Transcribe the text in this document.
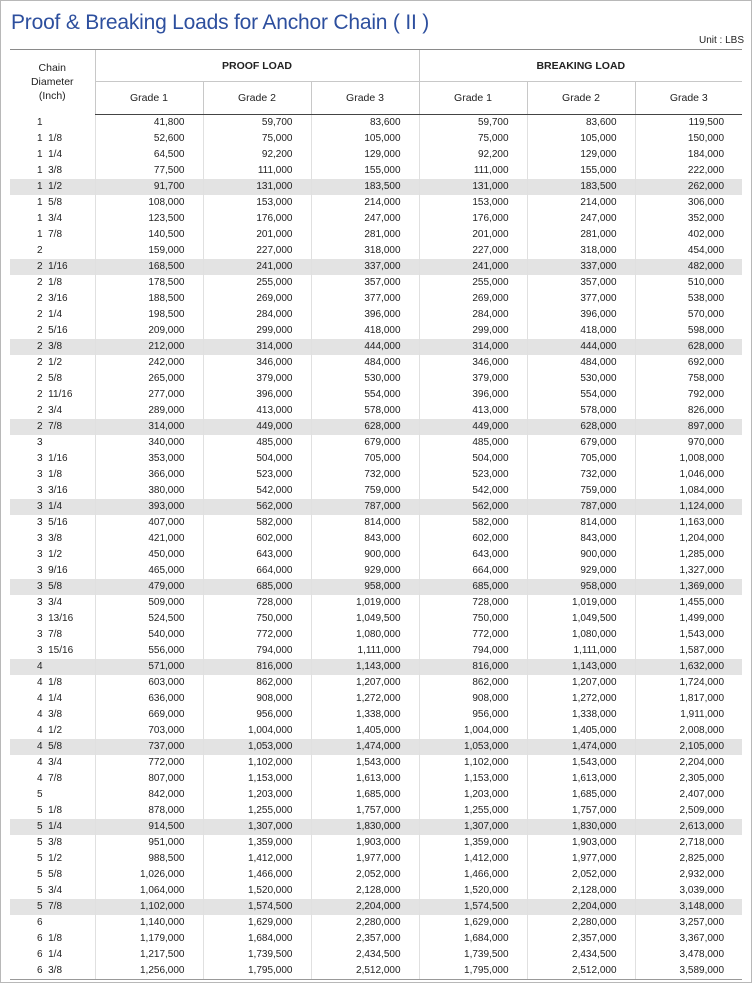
Proof & Breaking Loads for Anchor Chain ( II )
Unit : LBS
Chain
Diameter
(Inch)	PROOF LOAD			BREAKING LOAD		
	Grade 1	Grade 2	Grade 3	Grade 1	Grade 2	Grade 3
1	41,800	59,700	83,600	59,700	83,600	119,500
1  1/8	52,600	75,000	105,000	75,000	105,000	150,000
1  1/4	64,500	92,200	129,000	92,200	129,000	184,000
1  3/8	77,500	111,000	155,000	111,000	155,000	222,000
1  1/2	91,700	131,000	183,500	131,000	183,500	262,000
1  5/8	108,000	153,000	214,000	153,000	214,000	306,000
1  3/4	123,500	176,000	247,000	176,000	247,000	352,000
1  7/8	140,500	201,000	281,000	201,000	281,000	402,000
2	159,000	227,000	318,000	227,000	318,000	454,000
2  1/16	168,500	241,000	337,000	241,000	337,000	482,000
2  1/8	178,500	255,000	357,000	255,000	357,000	510,000
2  3/16	188,500	269,000	377,000	269,000	377,000	538,000
2  1/4	198,500	284,000	396,000	284,000	396,000	570,000
2  5/16	209,000	299,000	418,000	299,000	418,000	598,000
2  3/8	212,000	314,000	444,000	314,000	444,000	628,000
2  1/2	242,000	346,000	484,000	346,000	484,000	692,000
2  5/8	265,000	379,000	530,000	379,000	530,000	758,000
2  11/16	277,000	396,000	554,000	396,000	554,000	792,000
2  3/4	289,000	413,000	578,000	413,000	578,000	826,000
2  7/8	314,000	449,000	628,000	449,000	628,000	897,000
3	340,000	485,000	679,000	485,000	679,000	970,000
3  1/16	353,000	504,000	705,000	504,000	705,000	1,008,000
3  1/8	366,000	523,000	732,000	523,000	732,000	1,046,000
3  3/16	380,000	542,000	759,000	542,000	759,000	1,084,000
3  1/4	393,000	562,000	787,000	562,000	787,000	1,124,000
3  5/16	407,000	582,000	814,000	582,000	814,000	1,163,000
3  3/8	421,000	602,000	843,000	602,000	843,000	1,204,000
3  1/2	450,000	643,000	900,000	643,000	900,000	1,285,000
3  9/16	465,000	664,000	929,000	664,000	929,000	1,327,000
3  5/8	479,000	685,000	958,000	685,000	958,000	1,369,000
3  3/4	509,000	728,000	1,019,000	728,000	1,019,000	1,455,000
3  13/16	524,500	750,000	1,049,500	750,000	1,049,500	1,499,000
3  7/8	540,000	772,000	1,080,000	772,000	1,080,000	1,543,000
3  15/16	556,000	794,000	1,111,000	794,000	1,111,000	1,587,000
4	571,000	816,000	1,143,000	816,000	1,143,000	1,632,000
4  1/8	603,000	862,000	1,207,000	862,000	1,207,000	1,724,000
4  1/4	636,000	908,000	1,272,000	908,000	1,272,000	1,817,000
4  3/8	669,000	956,000	1,338,000	956,000	1,338,000	1,911,000
4  1/2	703,000	1,004,000	1,405,000	1,004,000	1,405,000	2,008,000
4  5/8	737,000	1,053,000	1,474,000	1,053,000	1,474,000	2,105,000
4  3/4	772,000	1,102,000	1,543,000	1,102,000	1,543,000	2,204,000
4  7/8	807,000	1,153,000	1,613,000	1,153,000	1,613,000	2,305,000
5	842,000	1,203,000	1,685,000	1,203,000	1,685,000	2,407,000
5  1/8	878,000	1,255,000	1,757,000	1,255,000	1,757,000	2,509,000
5  1/4	914,500	1,307,000	1,830,000	1,307,000	1,830,000	2,613,000
5  3/8	951,000	1,359,000	1,903,000	1,359,000	1,903,000	2,718,000
5  1/2	988,500	1,412,000	1,977,000	1,412,000	1,977,000	2,825,000
5  5/8	1,026,000	1,466,000	2,052,000	1,466,000	2,052,000	2,932,000
5  3/4	1,064,000	1,520,000	2,128,000	1,520,000	2,128,000	3,039,000
5  7/8	1,102,000	1,574,500	2,204,000	1,574,500	2,204,000	3,148,000
6	1,140,000	1,629,000	2,280,000	1,629,000	2,280,000	3,257,000
6  1/8	1,179,000	1,684,000	2,357,000	1,684,000	2,357,000	3,367,000
6  1/4	1,217,500	1,739,500	2,434,500	1,739,500	2,434,500	3,478,000
6  3/8	1,256,000	1,795,000	2,512,000	1,795,000	2,512,000	3,589,000
